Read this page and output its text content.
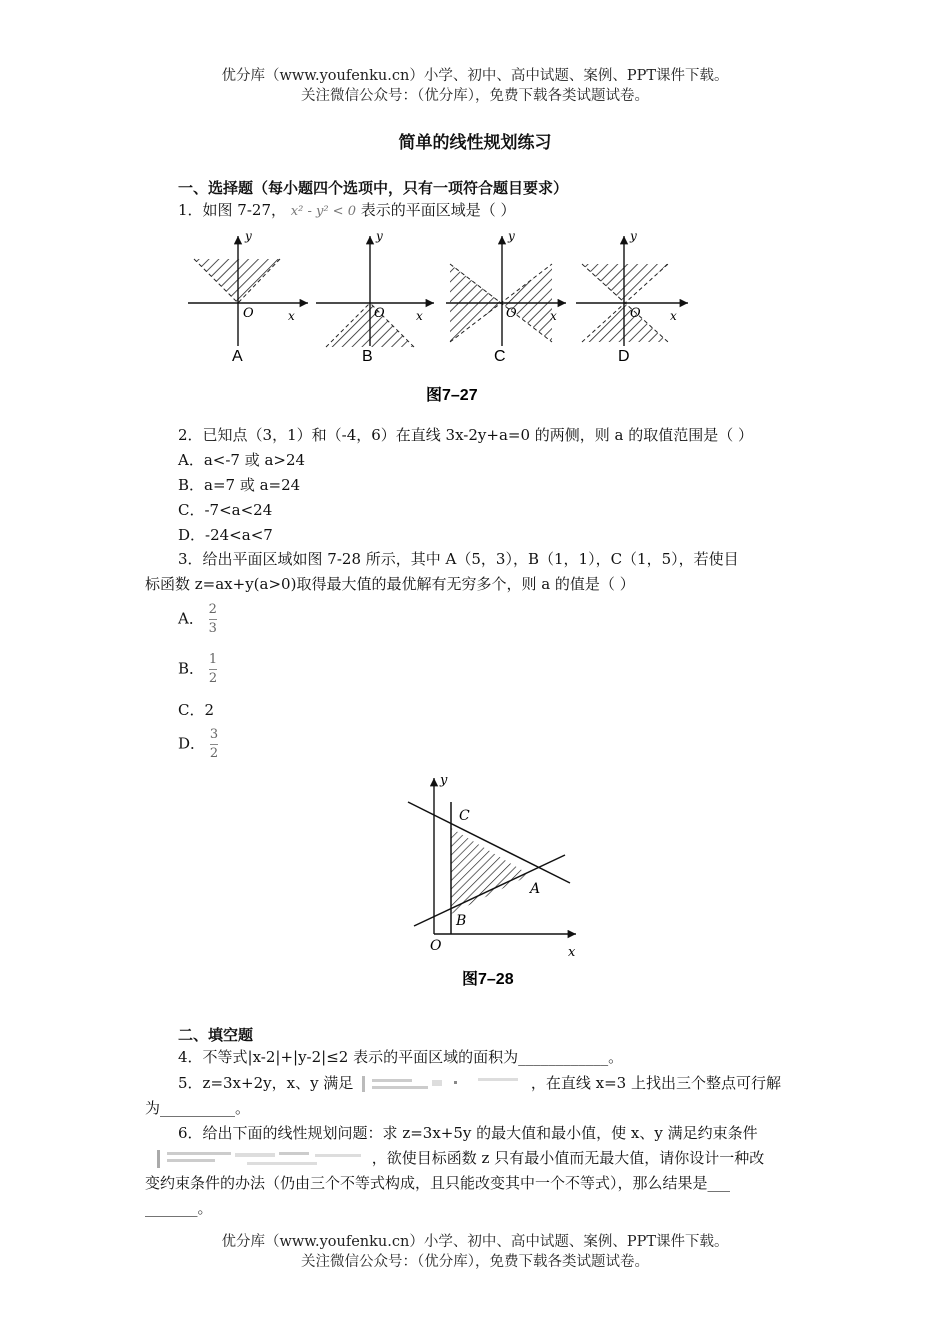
优分库（www.youfenku.cn）小学、初中、高中试题、案例、PPT课件下载。
关注微信公众号：（优分库），免费下载各类试题试卷。
简单的线性规划练习
一、选择题（每小题四个选项中，只有一项符合题目要求）
1．如图 7-27， x² - y² < 0 表示的平面区域是（ ）
y
x
O
A
y
x
O
B
y
x
O
C
y
x
O
D
图7–27
2．已知点（3，1）和（-4，6）在直线 3x-2y+a=0 的两侧，则 a 的取值范围是（ ）
A．a<-7 或 a>24
B．a=7 或 a=24
C．-7<a<24
D．-24<a<7
3．给出平面区域如图 7-28 所示，其中 A（5，3），B（1，1），C（1，5），若使目
标函数 z=ax+y(a>0)取得最大值的最优解有无穷多个，则 a 的值是（ ）
A． $\frac{2}{3}$
B． $\frac{1}{2}$
C．2
D． $\frac{3}{2}$
y
x
O
C
B
A
图7–28
二、填空题
4．不等式|x-2|+|y-2|≤2 表示的平面区域的面积为____________。
5．z=3x+2y，x、y 满足	，在直线 x=3 上找出三个整点可行解
为__________。
6．给出下面的线性规划问题：求 z=3x+5y 的最大值和最小值，使 x、y 满足约束条件
，欲使目标函数 z 只有最小值而无最大值，请你设计一种改
变约束条件的办法（仍由三个不等式构成，且只能改变其中一个不等式），那么结果是___
_______。
优分库（www.youfenku.cn）小学、初中、高中试题、案例、PPT课件下载。
关注微信公众号：（优分库），免费下载各类试题试卷。
